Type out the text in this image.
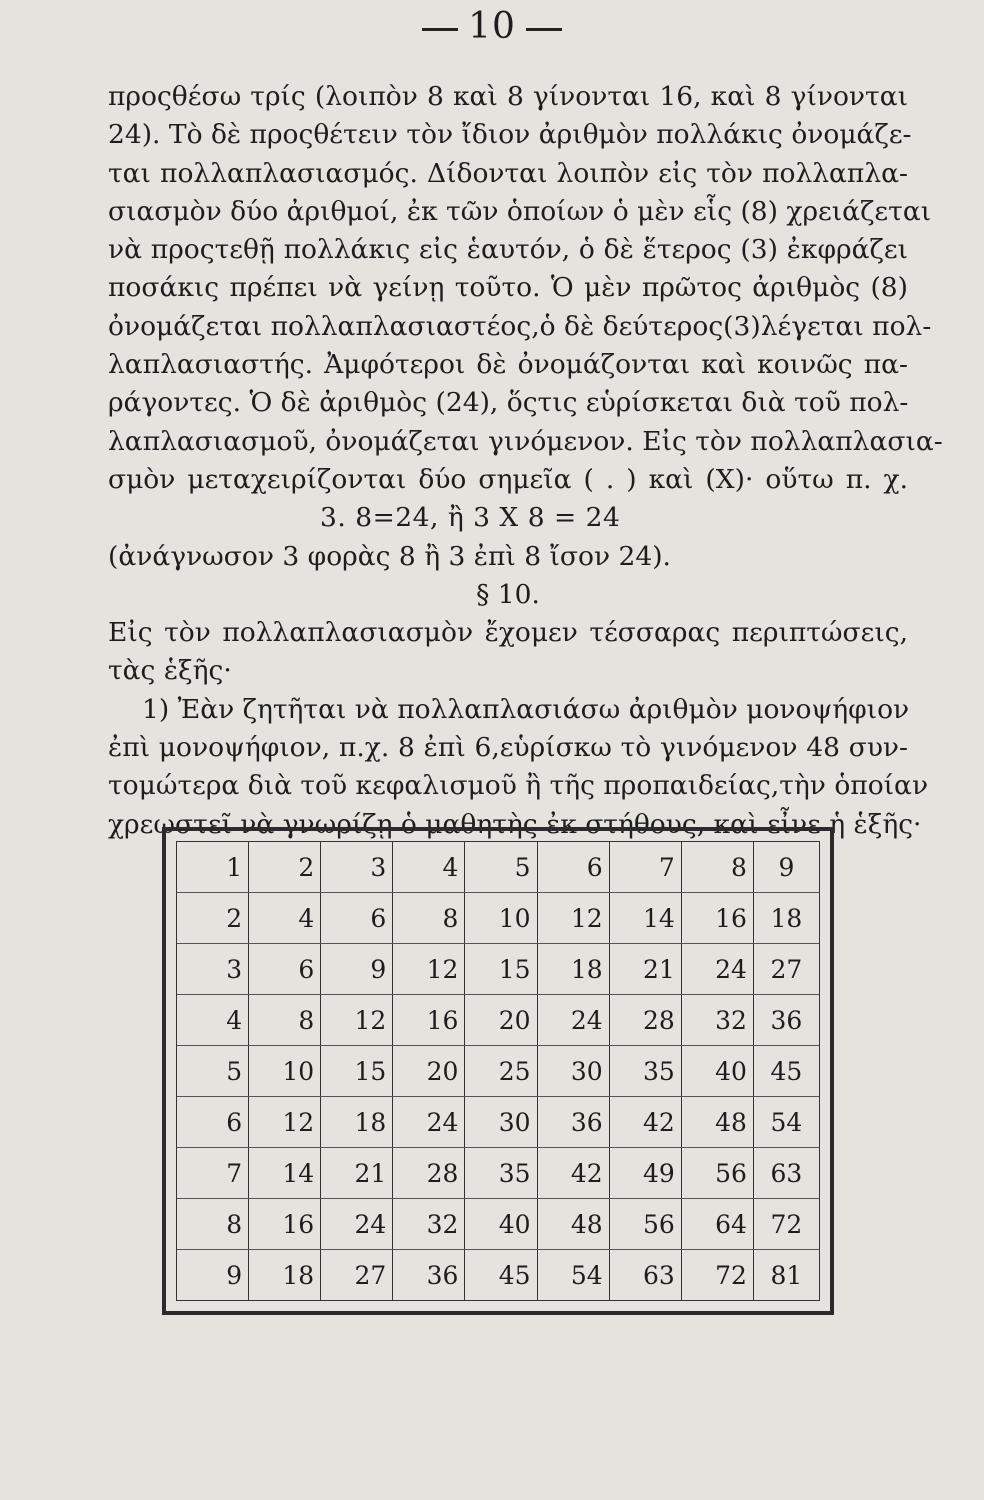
10
προςθέσω τρίς (λοιπὸν 8 καὶ 8 γίνονται 16, καὶ 8 γίνονται
24). Τὸ δὲ προςθέτειν τὸν ἴδιον ἀριθμὸν πολλάκις ὀνομάζε-
ται πολλαπλασιασμός. Δίδονται λοιπὸν εἰς τὸν πολλαπλα-
σιασμὸν δύο ἀριθμοί, ἐκ τῶν ὁποίων ὁ μὲν εἷς (8) χρειάζεται
νὰ προςτεθῇ πολλάκις εἰς ἑαυτόν, ὁ δὲ ἕτερος (3) ἐκφράζει
ποσάκις πρέπει νὰ γείνῃ τοῦτο. Ὁ μὲν πρῶτος ἀριθμὸς (8)
ὀνομάζεται πολλαπλασιαστέος,ὁ δὲ δεύτερος(3)λέγεται πολ-
λαπλασιαστής. Ἀμφότεροι δὲ ὀνομάζονται καὶ κοινῶς πα-
ράγοντες. Ὁ δὲ ἀριθμὸς (24), ὅςτις εὑρίσκεται διὰ τοῦ πολ-
λαπλασιασμοῦ, ὀνομάζεται γινόμενον. Εἰς τὸν πολλαπλασια-
σμὸν μεταχειρίζονται δύο σημεῖα ( . ) καὶ (X)· οὕτω π. χ.
3. 8=24, ἢ 3 X 8 = 24
(ἀνάγνωσον 3 φορὰς 8 ἢ 3 ἐπὶ 8 ἴσον 24).
§ 10.
Εἰς τὸν πολλαπλασιασμὸν ἔχομεν τέσσαρας περιπτώσεις,
τὰς ἑξῆς·
1) Ἐὰν ζητῆται νὰ πολλαπλασιάσω ἀριθμὸν μονοψήφιον
ἐπὶ μονοψήφιον, π.χ. 8 ἐπὶ 6,εὑρίσκω τὸ γινόμενον 48 συν-
τομώτερα διὰ τοῦ κεφαλισμοῦ ἢ τῆς προπαιδείας,τὴν ὁποίαν
χρεωστεῖ νὰ γνωρίζῃ ὁ μαθητὴς ἐκ στήθους, καὶ εἶνε ἡ ἑξῆς·
1	2	3	4	5	6	7	8	9
2	4	6	8	10	12	14	16 18
3	6	9	12	15	18	21	24 27
4	8	12	16	20	24	28	32 36
5	10	15	20	25	30	35	40 45
6	12	18	24	30	36	42	48 54
7	14	21	28	35	42	49	56 63
8	16	24	32	40	48	56	64 72
9	18	27	36	45	54	63	72 81
